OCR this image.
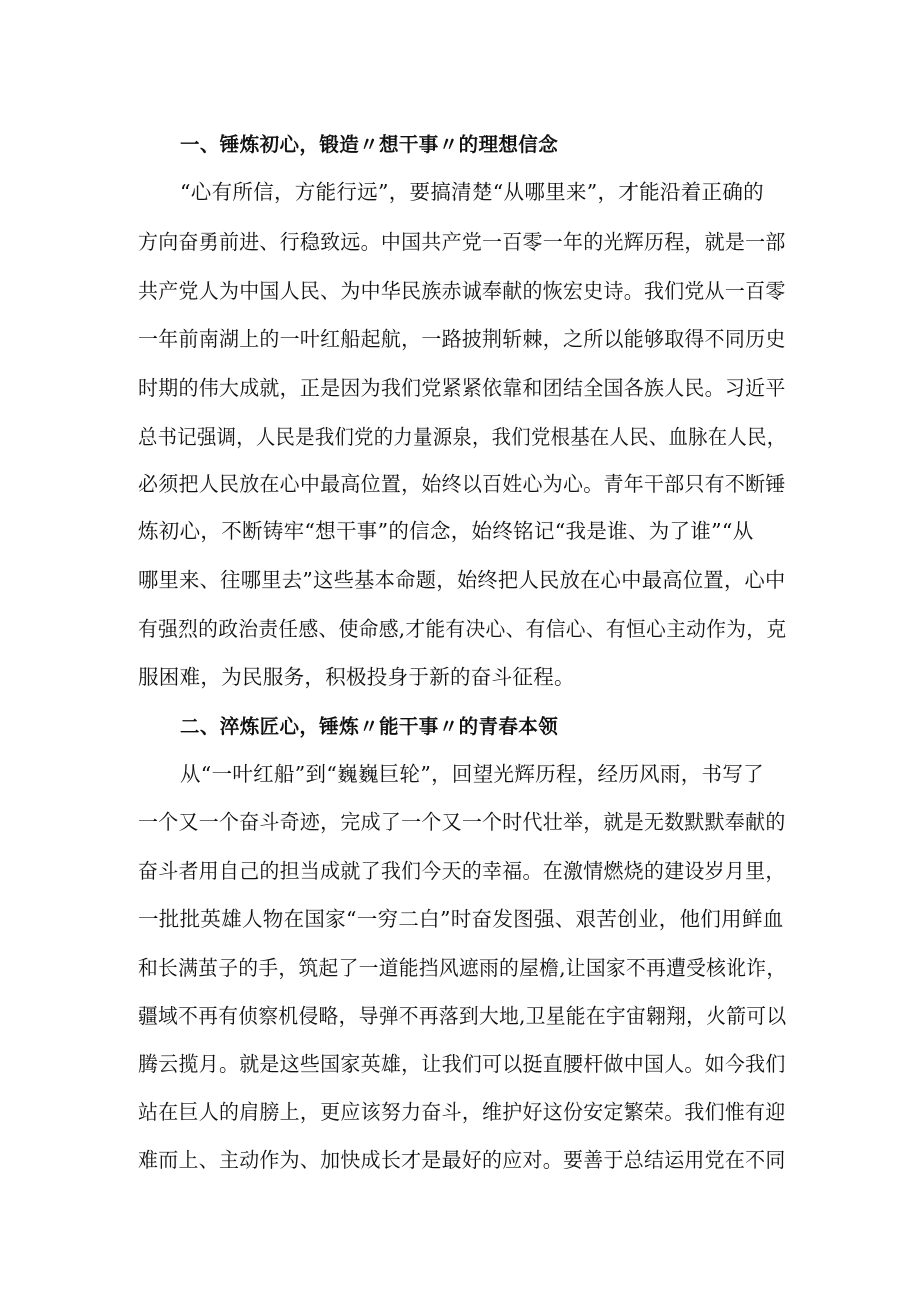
一、锤炼初心，锻造〃想干事〃的理想信念
“心有所信，方能行远”，要搞清楚“从哪里来”，才能沿着正确的
方向奋勇前进、行稳致远。中国共产党一百零一年的光辉历程，就是一部
共产党人为中国人民、为中华民族赤诚奉献的恢宏史诗。我们党从一百零
一年前南湖上的一叶红船起航，一路披荆斩棘，之所以能够取得不同历史
时期的伟大成就，正是因为我们党紧紧依靠和团结全国各族人民。习近平
总书记强调，人民是我们党的力量源泉，我们党根基在人民、血脉在人民，
必须把人民放在心中最高位置，始终以百姓心为心。青年干部只有不断锤
炼初心，不断铸牢“想干事”的信念，始终铭记“我是谁、为了谁”“从
哪里来、往哪里去”这些基本命题，始终把人民放在心中最高位置，心中
有强烈的政治责任感、使命感,才能有决心、有信心、有恒心主动作为，克
服困难，为民服务，积极投身于新的奋斗征程。
二、淬炼匠心，锤炼〃能干事〃的青春本领
从“一叶红船”到“巍巍巨轮”，回望光辉历程，经历风雨，书写了
一个又一个奋斗奇迹，完成了一个又一个时代壮举，就是无数默默奉献的
奋斗者用自己的担当成就了我们今天的幸福。在激情燃烧的建设岁月里，
一批批英雄人物在国家“一穷二白”时奋发图强、艰苦创业，他们用鲜血
和长满茧子的手，筑起了一道能挡风遮雨的屋檐,让国家不再遭受核讹诈，
疆域不再有侦察机侵略，导弹不再落到大地,卫星能在宇宙翱翔，火箭可以
腾云揽月。就是这些国家英雄，让我们可以挺直腰杆做中国人。如今我们
站在巨人的肩膀上，更应该努力奋斗，维护好这份安定繁荣。我们惟有迎
难而上、主动作为、加快成长才是最好的应对。要善于总结运用党在不同
